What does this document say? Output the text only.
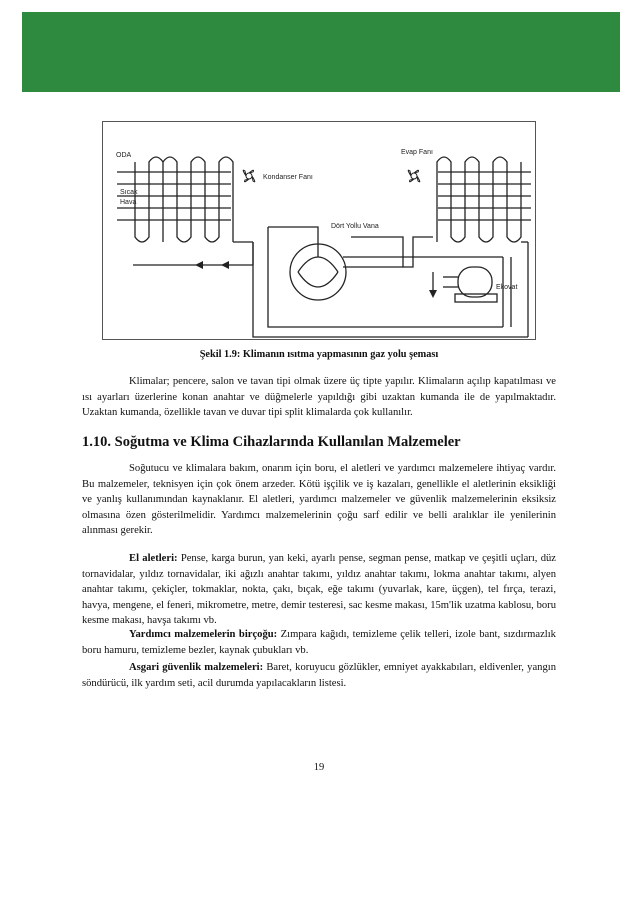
ODA
Sıcak
Hava
Kondanser Fanı
Evap Fanı
Dört Yollu Vana
Ekovat
Şekil 1.9: Klimanın ısıtma yapmasının gaz yolu şeması

Klimalar; pencere, salon ve tavan tipi olmak üzere üç tipte yapılır. Klimaların açılıp kapatılması ve ısı ayarları üzerlerine konan anahtar ve düğmelerle yapıldığı gibi uzaktan kumanda ile de yapılmaktadır. Uzaktan kumanda, özellikle tavan ve duvar tipi split klimalarda çok kullanılır.

1.10. Soğutma ve Klima Cihazlarında Kullanılan Malzemeler

Soğutucu ve klimalara bakım, onarım için boru, el aletleri ve yardımcı malzemelere ihtiyaç vardır. Bu malzemeler, teknisyen için çok önem arzeder. Kötü işçilik ve iş kazaları, genellikle el aletlerinin eksikliği ve yanlış kullanımından kaynaklanır. El aletleri, yardımcı malzemeler ve güvenlik malzemelerinin eksiksiz olmasına özen gösterilmelidir. Yardımcı malzemelerinin çoğu sarf edilir ve belli aralıklar ile yenilerinin alınması gerekir.

El aletleri: Pense, karga burun, yan keki, ayarlı pense, segman pense, matkap ve çeşitli uçları, düz tornavidalar, yıldız tornavidalar, iki ağızlı anahtar takımı, yıldız anahtar takımı, lokma anahtar takımı, alyen anahtar takımı, çekiçler, tokmaklar, nokta, çakı, bıçak, eğe takımı (yuvarlak, kare, üçgen), tel fırça, terazi, havya, mengene, el feneri, mikrometre, metre, demir testeresi, sac kesme makası, 15m'lik uzatma kablosu, boru kesme makası, havşa takımı vb.

Yardımcı malzemelerin birçoğu: Zımpara kağıdı, temizleme çelik telleri, izole bant, sızdırmazlık boru hamuru, temizleme bezler, kaynak çubukları vb.

Asgari güvenlik malzemeleri: Baret, koruyucu gözlükler, emniyet ayakkabıları, eldivenler, yangın söndürücü, ilk yardım seti, acil durumda yapılacakların listesi.

19
